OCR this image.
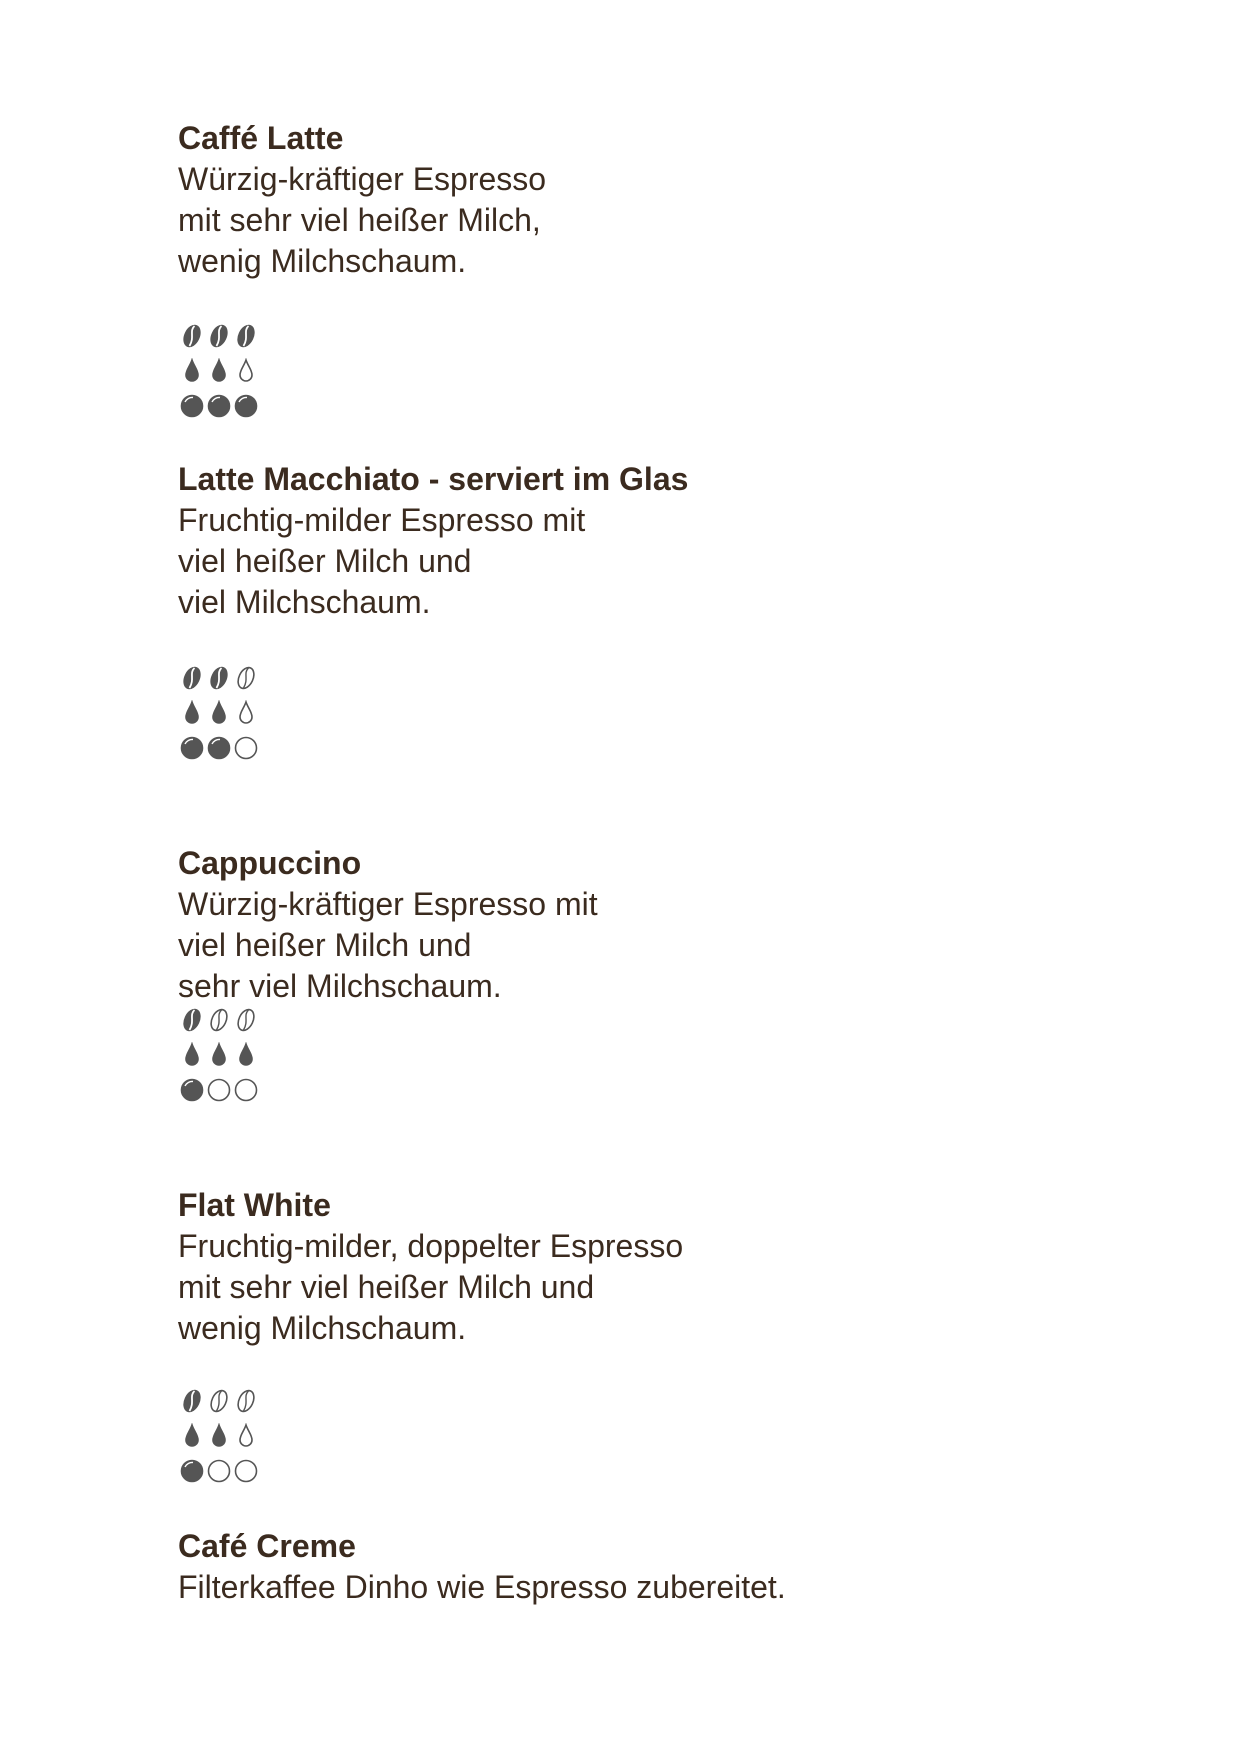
Caffé Latte
Würzig-kräftiger Espresso
mit sehr viel heißer Milch,
wenig Milchschaum.
Latte Macchiato - serviert im Glas
Fruchtig-milder Espresso mit
viel heißer Milch und
viel Milchschaum.
Cappuccino
Würzig-kräftiger Espresso mit
viel heißer Milch und
sehr viel Milchschaum.
Flat White
Fruchtig-milder, doppelter Espresso
mit sehr viel heißer Milch und
wenig Milchschaum.
Café Creme
Filterkaffee Dinho wie Espresso zubereitet.
